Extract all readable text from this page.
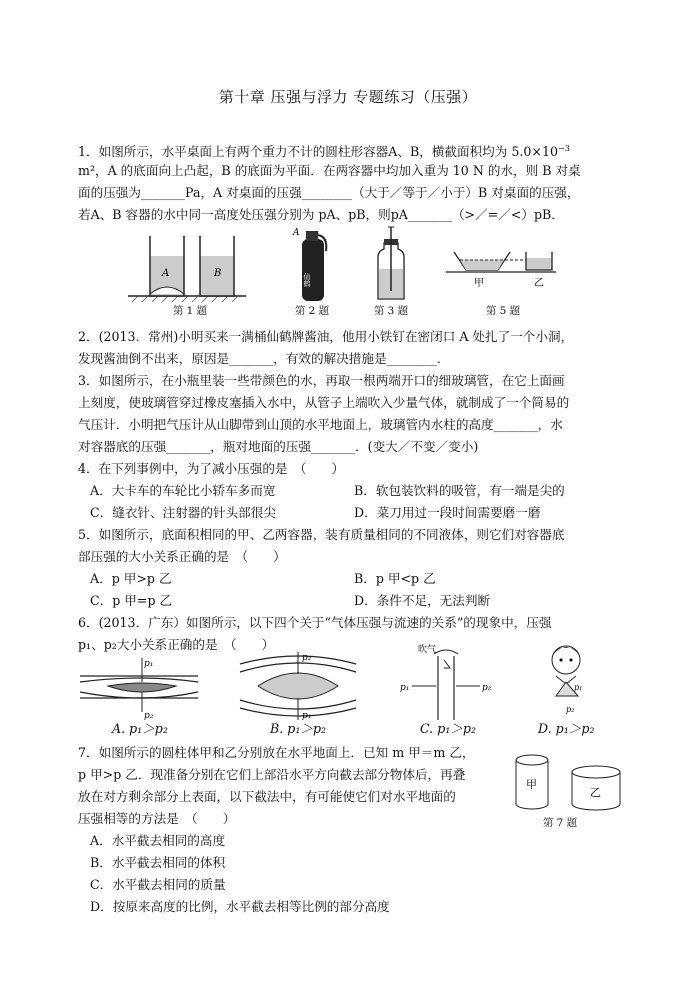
第十章 压强与浮力 专题练习（压强）

1．如图所示，水平桌面上有两个重力不计的圆柱形容器A、B，横截面积均为 $5.0\times 10^{-3}$

m²，A 的底面向上凸起，B 的底面为平面．在两容器中均加入重为 10 N 的水，则 B 对桌

面的压强为_______Pa，A 对桌面的压强________（大于／等于／小于）B 对桌面的压强，

若A、B 容器的水中同一高度处压强分别为 pA、pB，则pA_______（>／=／<）pB．

A	B
第 1 题
A
仙鹤
第 2 题	第 3 题
甲	乙
第 5 题

2．(2013．常州)小明买来一满桶仙鹤牌酱油，他用小铁钉在密闭口 A 处扎了一个小洞，

发现酱油倒不出来，原因是_______，有效的解决措施是________．

3．如图所示，在小瓶里装一些带颜色的水，再取一根两端开口的细玻璃管，在它上面画

上刻度，使玻璃管穿过橡皮塞插入水中，从管子上端吹入少量气体，就制成了一个简易的

气压计．小明把气压计从山脚带到山顶的水平地面上，玻璃管内水柱的高度_______，水

对容器底的压强_______，瓶对地面的压强_______．(变大／不变／变小)

4．在下列事例中，为了减小压强的是　（　　）

A．大卡车的车轮比小轿车多而宽	B．软包装饮料的吸管，有一端是尖的
C．缝衣针、注射器的针头部很尖	D．菜刀用过一段时间需要磨一磨

5．如图所示，底面积相同的甲、乙两容器，装有质量相同的不同液体，则它们对容器底

部压强的大小关系正确的是　（　　）

A．p 甲>p 乙	B．p 甲<p 乙
C．p 甲=p 乙	D．条件不足，无法判断

6．(2013．广东）如图所示，以下四个关于“气体压强与流速的关系”的现象中，压强

p₁、p₂大小关系正确的是　（　　）

p₁
p₂
A. p₁＞p₂
p₂
p₁
B. p₁＞p₂
吹气
p₁	p₂
C. p₁＞p₂
p₁
p₂
D. p₁＞p₂

7．如图所示的圆柱体甲和乙分别放在水平地面上．已知 m 甲＝m 乙，

p 甲>p 乙．现准备分别在它们上部沿水平方向截去部分物体后，再叠

放在对方剩余部分上表面，以下截法中，有可能使它们对水平地面的

压强相等的方法是　（　　）

A．水平截去相同的高度
B．水平截去相同的体积
C．水平截去相同的质量
D．按原来高度的比例，水平截去相等比例的部分高度
甲
乙
第 7 题
